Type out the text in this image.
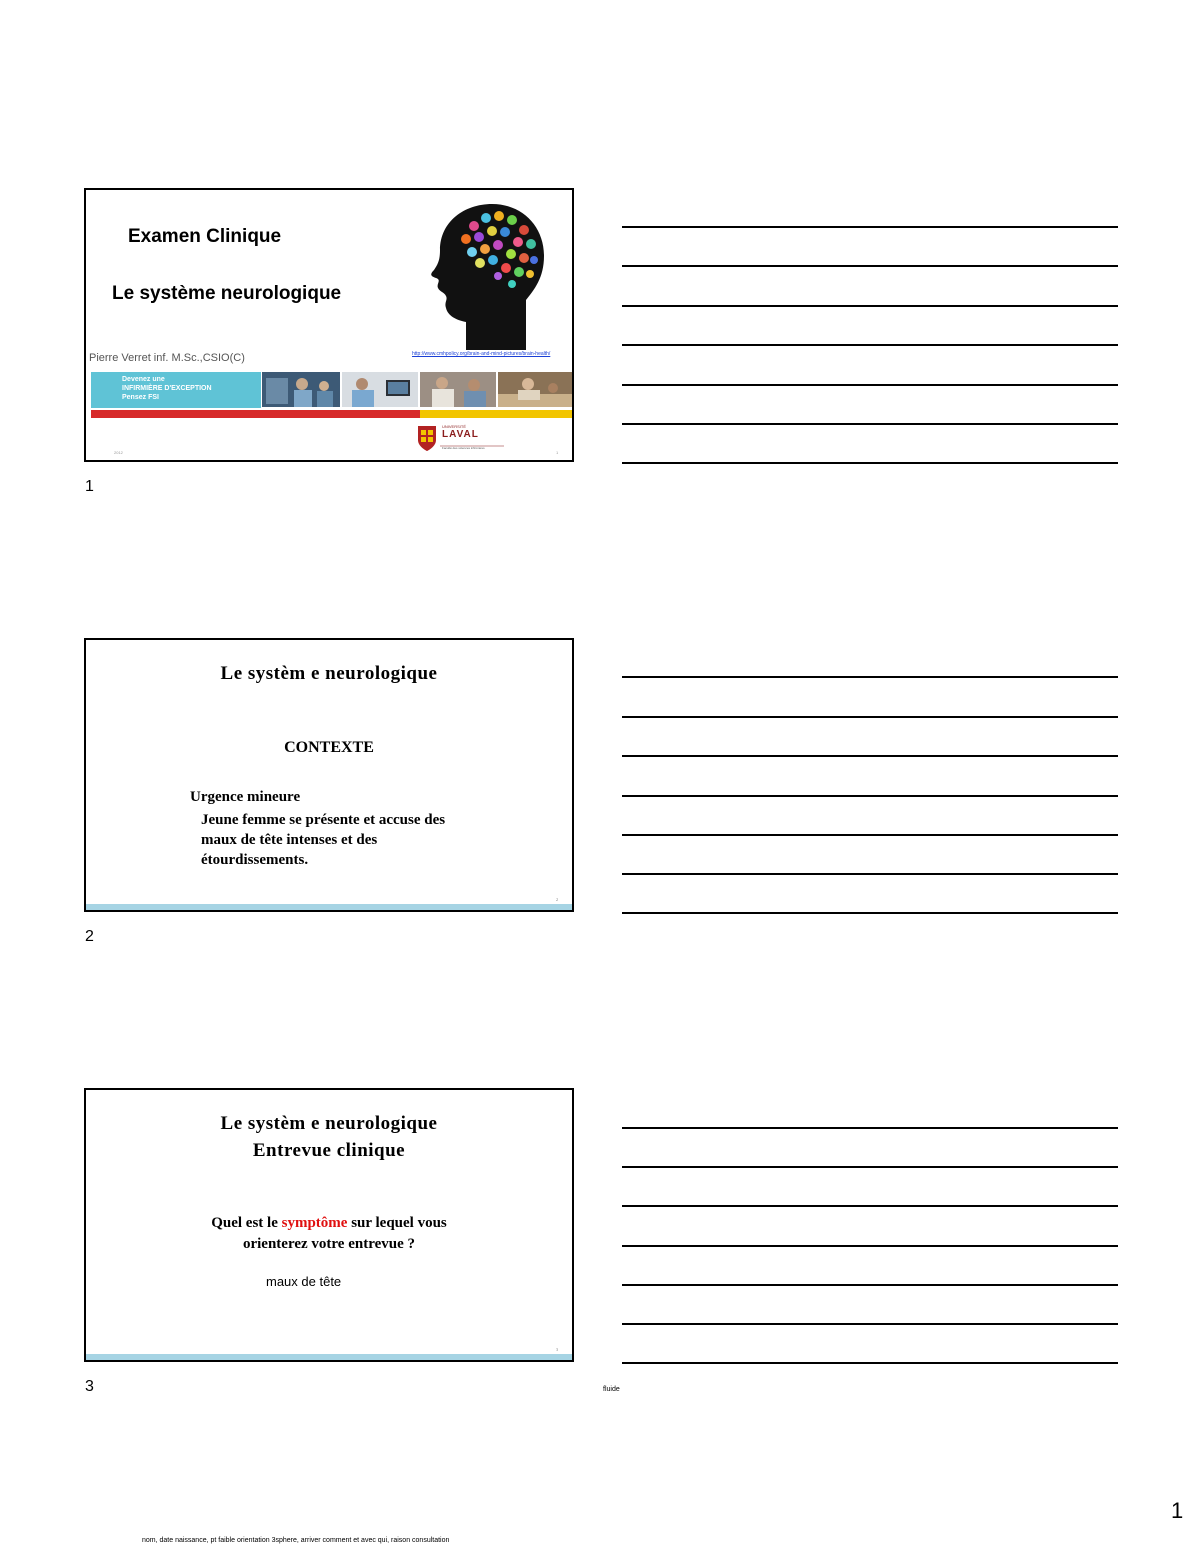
Examen Clinique
Le système neurologique
Pierre Verret inf. M.Sc.,CSIO(C)	http://www.cmhpolicy.org/brain-and-mind-pictures/brain-health/
Devenez une
INFIRMIÈRE D'EXCEPTION
Pensez FSI
LAVAL
UNIVERSITÉ
Faculté des sciences infirmières
2012	1
1
Le systèm e neurologique
CONTEXTE
Urgence mineure
Jeune femme se présente et accuse des
maux de tête intenses et des
étourdissements.
2
2
Le systèm e neurologique
Entrevue clinique
Quel est le symptôme sur lequel vous
orienterez votre entrevue ?
maux de tête
3
3	fluide
1
nom, date naissance, pt faible orientation 3sphere, arriver comment et avec qui, raison consultation
